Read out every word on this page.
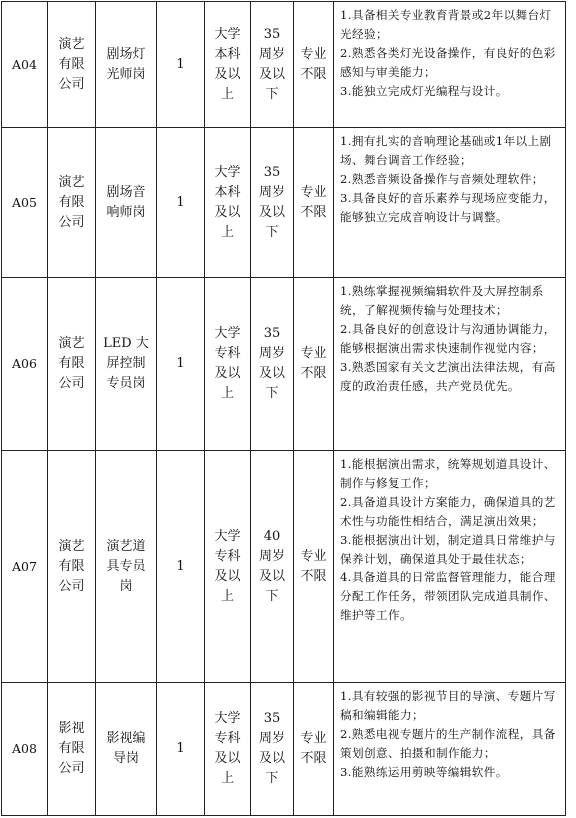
A04	演艺
有限
公司	剧场灯
光师岗	1	大学
本科
及以
上	35
周岁
及以
下	专业
不限	1.具备相关专业教育背景或2年以舞台灯光经验；
2.熟悉各类灯光设备操作，有良好的色彩感知与审美能力；
3.能独立完成灯光编程与设计。

A05	演艺
有限
公司	剧场音
响师岗	1	大学
本科
及以
上	35
周岁
及以
下	专业
不限	1.拥有扎实的音响理论基础或1年以上剧场、舞台调音工作经验；
2.熟悉音频设备操作与音频处理软件；
3.具备良好的音乐素养与现场应变能力，能够独立完成音响设计与调整。

A06	演艺
有限
公司	LED 大
屏控制
专员岗	1	大学
专科
及以
上	35
周岁
及以
下	专业
不限	1.熟练掌握视频编辑软件及大屏控制系统，了解视频传输与处理技术；
2.具备良好的创意设计与沟通协调能力，能够根据演出需求快速制作视觉内容；
3.熟悉国家有关文艺演出法律法规，有高度的政治责任感，共产党员优先。

A07	演艺
有限
公司	演艺道
具专员
岗	1	大学
专科
及以
上	40
周岁
及以
下	专业
不限	1.能根据演出需求，统筹规划道具设计、制作与修复工作；
2.具备道具设计方案能力，确保道具的艺术性与功能性相结合，满足演出效果；
3.能根据演出计划，制定道具日常维护与保养计划，确保道具处于最佳状态；
4.具备道具的日常监督管理能力，能合理分配工作任务，带领团队完成道具制作、维护等工作。

A08	影视
有限
公司	影视编
导岗	1	大学
专科
及以
上	35
周岁
及以
下	专业
不限	1.具有较强的影视节目的导演、专题片写稿和编辑能力；
2.熟悉电视专题片的生产制作流程，具备策划创意、拍摄和制作能力；
3.能熟练运用剪映等编辑软件。
